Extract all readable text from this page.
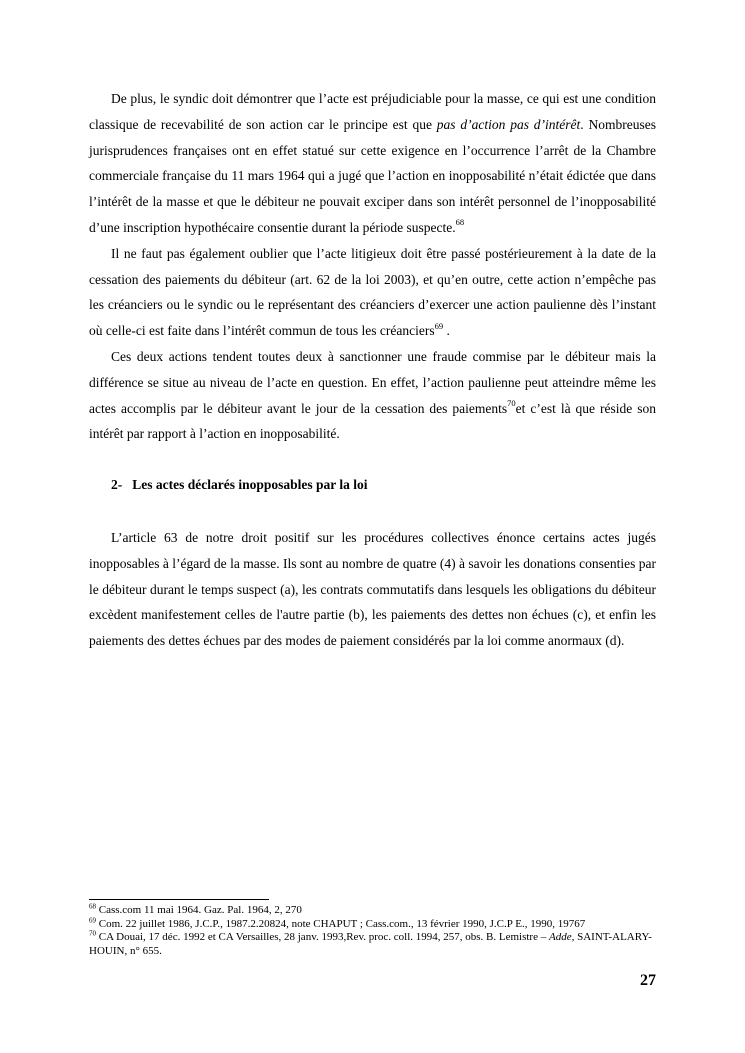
De plus, le syndic doit démontrer que l’acte est préjudiciable pour la masse, ce qui est une condition classique de recevabilité de son action car le principe est que pas d’action pas d’intérêt. Nombreuses jurisprudences françaises ont en effet statué sur cette exigence en l’occurrence l’arrêt de la Chambre commerciale française du 11 mars 1964 qui a jugé que l’action en inopposabilité n’était édictée que dans l’intérêt de la masse et que le débiteur ne pouvait exciper dans son intérêt personnel de l’inopposabilité d’une inscription hypothécaire consentie durant la période suspecte.$^{68}$

Il ne faut pas également oublier que l’acte litigieux doit être passé postérieurement à la date de la cessation des paiements du débiteur (art. 62 de la loi 2003), et qu’en outre, cette action n’empêche pas les créanciers ou le syndic ou le représentant des créanciers d’exercer une action paulienne dès l’instant où celle-ci est faite dans l’intérêt commun de tous les créanciers$^{69}$ .

Ces deux actions tendent toutes deux à sanctionner une fraude commise par le débiteur mais la différence se situe au niveau de l’acte en question. En effet, l’action paulienne peut atteindre même les actes accomplis par le débiteur avant le jour de la cessation des paiements$^{70}$et c’est là que réside son intérêt par rapport à l’action en inopposabilité.

2- Les actes déclarés inopposables par la loi

L’article 63 de notre droit positif sur les procédures collectives énonce certains actes jugés inopposables à l’égard de la masse. Ils sont au nombre de quatre (4) à savoir les donations consenties par le débiteur durant le temps suspect (a), les contrats commutatifs dans lesquels les obligations du débiteur excèdent manifestement celles de l'autre partie (b), les paiements des dettes non échues (c), et enfin les paiements des dettes échues par des modes de paiement considérés par la loi comme anormaux (d).

$^{68}$ Cass.com 11 mai 1964. Gaz. Pal. 1964, 2, 270

$^{69}$ Com. 22 juillet 1986, J.C.P., 1987.2.20824, note CHAPUT ; Cass.com., 13 février 1990, J.C.P E., 1990, 19767

$^{70}$ CA Douai, 17 déc. 1992 et CA Versailles, 28 janv. 1993,Rev. proc. coll. 1994, 257, obs. B. Lemistre – Adde, SAINT-ALARY-HOUIN, n° 655.

27
